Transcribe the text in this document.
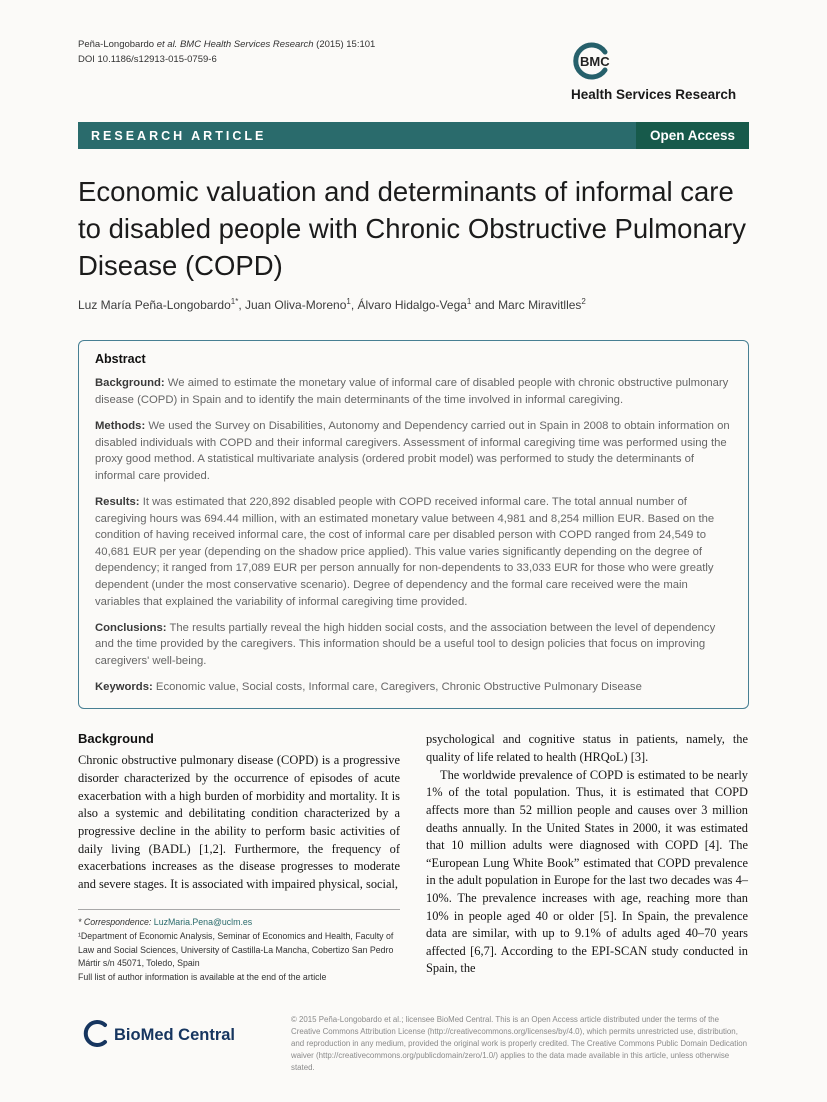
Peña-Longobardo et al. BMC Health Services Research (2015) 15:101
DOI 10.1186/s12913-015-0759-6	BMC
Health Services Research
RESEARCH ARTICLE	Open Access
Economic valuation and determinants of informal care to disabled people with Chronic Obstructive Pulmonary Disease (COPD)
Luz María Peña-Longobardo$^{1*}$, Juan Oliva-Moreno$^1$, Álvaro Hidalgo-Vega$^1$ and Marc Miravitlles$^2$
Abstract

Background: We aimed to estimate the monetary value of informal care of disabled people with chronic obstructive pulmonary disease (COPD) in Spain and to identify the main determinants of the time involved in informal caregiving.

Methods: We used the Survey on Disabilities, Autonomy and Dependency carried out in Spain in 2008 to obtain information on disabled individuals with COPD and their informal caregivers. Assessment of informal caregiving time was performed using the proxy good method. A statistical multivariate analysis (ordered probit model) was performed to study the determinants of informal care provided.

Results: It was estimated that 220,892 disabled people with COPD received informal care. The total annual number of caregiving hours was 694.44 million, with an estimated monetary value between 4,981 and 8,254 million EUR. Based on the condition of having received informal care, the cost of informal care per disabled person with COPD ranged from 24,549 to 40,681 EUR per year (depending on the shadow price applied). This value varies significantly depending on the degree of dependency; it ranged from 17,089 EUR per person annually for non-dependents to 33,033 EUR for those who were greatly dependent (under the most conservative scenario). Degree of dependency and the formal care received were the main variables that explained the variability of informal caregiving time provided.

Conclusions: The results partially reveal the high hidden social costs, and the association between the level of dependency and the time provided by the caregivers. This information should be a useful tool to design policies that focus on improving caregivers' well-being.

Keywords: Economic value, Social costs, Informal care, Caregivers, Chronic Obstructive Pulmonary Disease

Background

Chronic obstructive pulmonary disease (COPD) is a progressive disorder characterized by the occurrence of episodes of acute exacerbation with a high burden of morbidity and mortality. It is also a systemic and debilitating condition characterized by a progressive decline in the ability to perform basic activities of daily living (BADL) [1,2]. Furthermore, the frequency of exacerbations increases as the disease progresses to moderate and severe stages. It is associated with impaired physical, social,

* Correspondence: LuzMaria.Pena@uclm.es
¹Department of Economic Analysis, Seminar of Economics and Health, Faculty of Law and Social Sciences, University of Castilla-La Mancha, Cobertizo San Pedro Mártir s/n 45071, Toledo, Spain
Full list of author information is available at the end of the article

psychological and cognitive status in patients, namely, the quality of life related to health (HRQoL) [3].

The worldwide prevalence of COPD is estimated to be nearly 1% of the total population. Thus, it is estimated that COPD affects more than 52 million people and causes over 3 million deaths annually. In the United States in 2000, it was estimated that 10 million adults were diagnosed with COPD [4]. The “European Lung White Book” estimated that COPD prevalence in the adult population in Europe for the last two decades was 4–10%. The prevalence increases with age, reaching more than 10% in people aged 40 or older [5]. In Spain, the prevalence data are similar, with up to 9.1% of adults aged 40–70 years affected [6,7]. According to the EPI-SCAN study conducted in Spain, the

BioMed Central
© 2015 Peña-Longobardo et al.; licensee BioMed Central. This is an Open Access article distributed under the terms of the Creative Commons Attribution License (http://creativecommons.org/licenses/by/4.0), which permits unrestricted use, distribution, and reproduction in any medium, provided the original work is properly credited. The Creative Commons Public Domain Dedication waiver (http://creativecommons.org/publicdomain/zero/1.0/) applies to the data made available in this article, unless otherwise stated.
